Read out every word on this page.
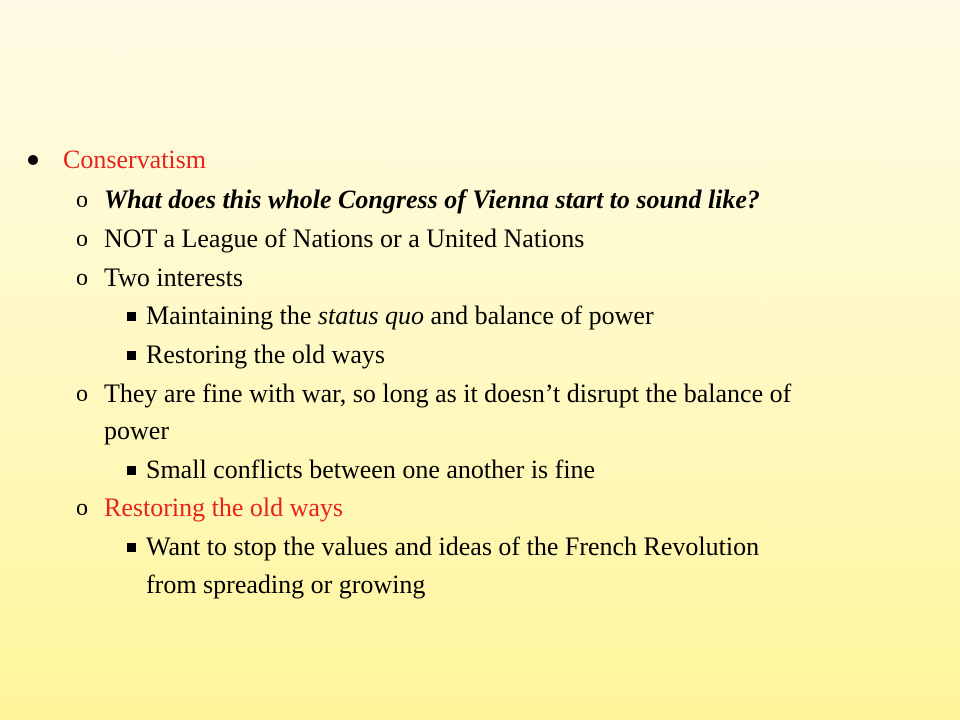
Conservatism
o What does this whole Congress of Vienna start to sound like?
o NOT a League of Nations or a United Nations
o Two interests
Maintaining the status quo and balance of power
Restoring the old ways
o They are fine with war, so long as it doesn’t disrupt the balance of
power
Small conflicts between one another is fine
o Restoring the old ways
Want to stop the values and ideas of the French Revolution
from spreading or growing
